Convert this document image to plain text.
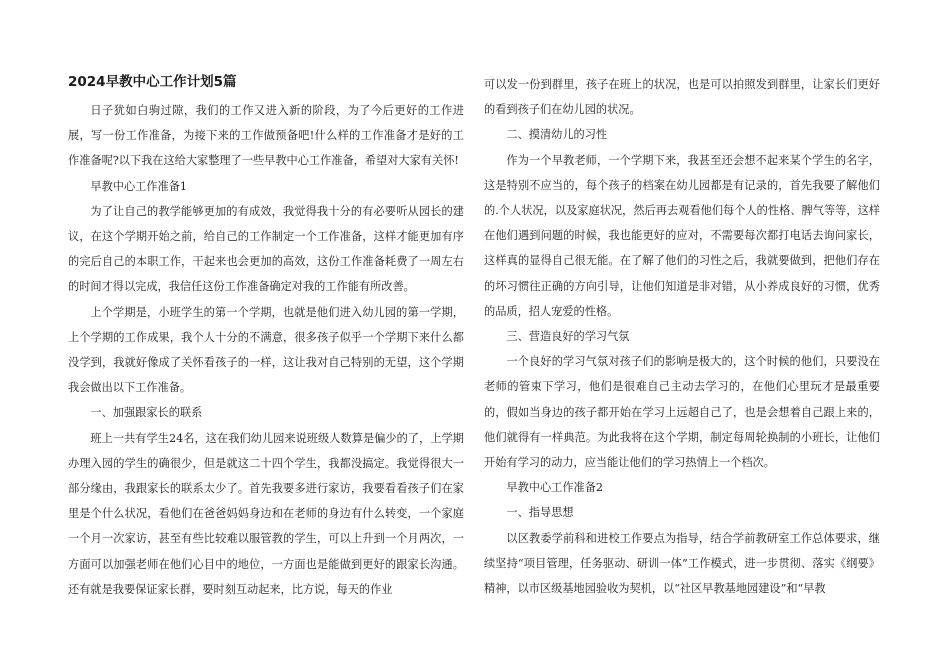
2024早教中心工作计划5篇

日子犹如白驹过隙，我们的工作又进入新的阶段，为了今后更好的工作进展，写一份工作准备，为接下来的工作做预备吧!什么样的工作准备才是好的工作准备呢?以下我在这给大家整理了一些早教中心工作准备，希望对大家有关怀!

早教中心工作准备1

为了让自己的教学能够更加的有成效，我觉得我十分的有必要听从园长的建议，在这个学期开始之前，给自己的工作制定一个工作准备，这样才能更加有序的完后自己的本职工作，干起来也会更加的高效，这份工作准备耗费了一周左右的时间才得以完成，我信任这份工作准备确定对我的工作能有所改善。

上个学期是，小班学生的第一个学期，也就是他们进入幼儿园的第一学期，上个学期的工作成果，我个人十分的不满意，很多孩子似乎一个学期下来什么都没学到，我就好像成了关怀看孩子的一样，这让我对自己特别的无望，这个学期我会做出以下工作准备。

一、加强跟家长的联系

班上一共有学生24名，这在我们幼儿园来说班级人数算是偏少的了，上学期办理入园的学生的确很少，但是就这二十四个学生，我都没搞定。我觉得很大一部分缘由，我跟家长的联系太少了。首先我要多进行家访，我要看看孩子们在家里是个什么状况，看他们在爸爸妈妈身边和在老师的身边有什么转变，一个家庭一个月一次家访，甚至有些比较难以服管教的学生，可以上升到一个月两次，一方面可以加强老师在他们心目中的地位，一方面也是能做到更好的跟家长沟通。还有就是我要保证家长群，要时刻互动起来，比方说，每天的作业

可以发一份到群里，孩子在班上的状况，也是可以拍照发到群里，让家长们更好的看到孩子们在幼儿园的状况。

二、摸清幼儿的习性

作为一个早教老师，一个学期下来，我甚至还会想不起来某个学生的名字，这是特别不应当的，每个孩子的档案在幼儿园都是有记录的，首先我要了解他们的.个人状况，以及家庭状况，然后再去观看他们每个人的性格、脾气等等，这样在他们遇到问题的时候，我也能更好的应对，不需要每次都打电话去询问家长，这样真的显得自己很无能。在了解了他们的习性之后，我就要做到，把他们存在的坏习惯往正确的方向引导，让他们知道是非对错，从小养成良好的习惯，优秀的品质，招人宠爱的性格。

三、营造良好的学习气氛

一个良好的学习气氛对孩子们的影响是极大的，这个时候的他们，只要没在老师的管束下学习，他们是很难自己主动去学习的，在他们心里玩才是最重要的，假如当身边的孩子都开始在学习上远超自己了，也是会想着自己跟上来的，他们就得有一样典范。为此我将在这个学期，制定每周轮换制的小班长，让他们开始有学习的动力，应当能让他们的学习热情上一个档次。

早教中心工作准备2

一、指导思想

以区教委学前科和进校工作要点为指导，结合学前教研室工作总体要求，继续坚持“项目管理，任务驱动、研训一体”工作模式，进一步贯彻、落实《纲要》精神，以市区级基地园验收为契机，以“社区早教基地园建设”和“早教
